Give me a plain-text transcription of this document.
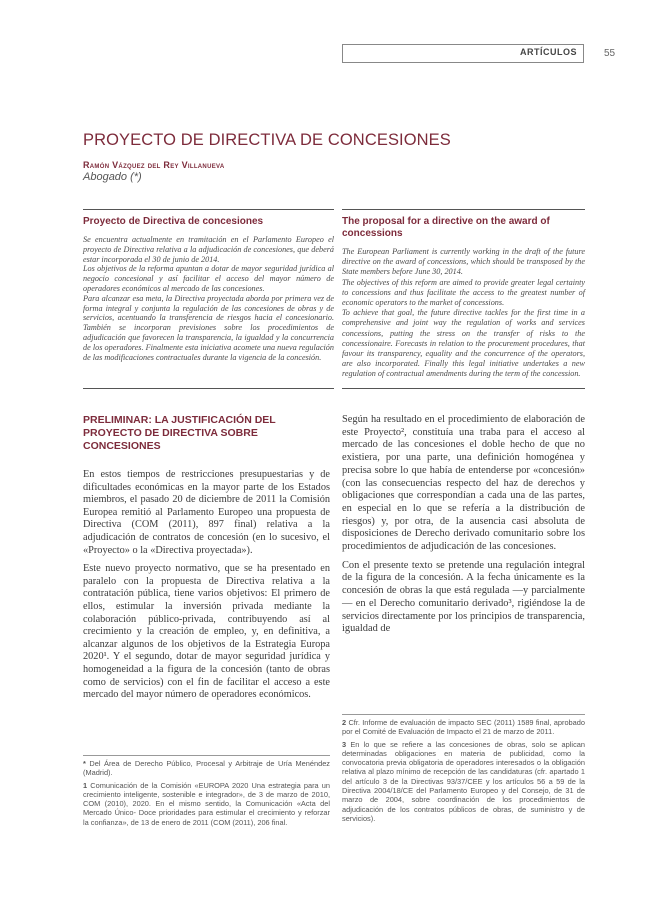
ARTÍCULOS	55
PROYECTO DE DIRECTIVA DE CONCESIONES
Ramón Vázquez del Rey Villanueva
Abogado (*)
Proyecto de Directiva de concesiones

Se encuentra actualmente en tramitación en el Parlamento Europeo el proyecto de Directiva relativa a la adjudicación de concesiones, que deberá estar incorporada el 30 de junio de 2014.

Los objetivos de la reforma apuntan a dotar de mayor seguridad jurídica al negocio concesional y así facilitar el acceso del mayor número de operadores económicos al mercado de las concesiones.

Para alcanzar esa meta, la Directiva proyectada aborda por primera vez de forma integral y conjunta la regulación de las concesiones de obras y de servicios, acentuando la transferencia de riesgos hacia el concesionario. También se incorporan previsiones sobre los procedimientos de adjudicación que favorecen la transparencia, la igualdad y la concurrencia de los operadores. Finalmente esta iniciativa acomete una nueva regulación de las modificaciones contractuales durante la vigencia de la concesión.

The proposal for a directive on the award of concessions

The European Parliament is currently working in the draft of the future directive on the award of concessions, which should be transposed by the State members before June 30, 2014.

The objectives of this reform are aimed to provide greater legal certainty to concessions and thus facilitate the access to the greatest number of economic operators to the market of concessions.

To achieve that goal, the future directive tackles for the first time in a comprehensive and joint way the regulation of works and services concessions, putting the stress on the transfer of risks to the concessionaire. Forecasts in relation to the procurement procedures, that favour its transparency, equality and the concurrence of the operators, are also incorporated. Finally this legal initiative undertakes a new regulation of contractual amendments during the term of the concession.

PRELIMINAR: LA JUSTIFICACIÓN DEL PROYECTO DE DIRECTIVA SOBRE CONCESIONES

En estos tiempos de restricciones presupuestarias y de dificultades económicas en la mayor parte de los Estados miembros, el pasado 20 de diciembre de 2011 la Comisión Europea remitió al Parlamento Europeo una propuesta de Directiva (COM (2011), 897 final) relativa a la adjudicación de contratos de concesión (en lo sucesivo, el «Proyecto» o la «Directiva proyectada»).

Este nuevo proyecto normativo, que se ha presentado en paralelo con la propuesta de Directiva relativa a la contratación pública, tiene varios objetivos: El primero de ellos, estimular la inversión privada mediante la colaboración público-privada, contribuyendo así al crecimiento y la creación de empleo, y, en definitiva, a alcanzar algunos de los objetivos de la Estrategia Europa 2020¹. Y el segundo, dotar de mayor seguridad jurídica y homogeneidad a la figura de la concesión (tanto de obras como de servicios) con el fin de facilitar el acceso a este mercado del mayor número de operadores económicos.

Según ha resultado en el procedimiento de elaboración de este Proyecto², constituía una traba para el acceso al mercado de las concesiones el doble hecho de que no existiera, por una parte, una definición homogénea y precisa sobre lo que había de entenderse por «concesión» (con las consecuencias respecto del haz de derechos y obligaciones que correspondían a cada una de las partes, en especial en lo que se refería a la distribución de riesgos) y, por otra, de la ausencia casi absoluta de disposiciones de Derecho derivado comunitario sobre los procedimientos de adjudicación de las concesiones.

Con el presente texto se pretende una regulación integral de la figura de la concesión. A la fecha únicamente es la concesión de obras la que está regulada —y parcialmente— en el Derecho comunitario derivado³, rigiéndose la de servicios directamente por los principios de transparencia, igualdad de

* Del Área de Derecho Público, Procesal y Arbitraje de Uría Menéndez (Madrid).

1 Comunicación de la Comisión «EUROPA 2020 Una estrategia para un crecimiento inteligente, sostenible e integrador», de 3 de marzo de 2010, COM (2010), 2020. En el mismo sentido, la Comunicación «Acta del Mercado Único- Doce prioridades para estimular el crecimiento y reforzar la confianza», de 13 de enero de 2011 (COM (2011), 206 final.

2 Cfr. Informe de evaluación de impacto SEC (2011) 1589 final, aprobado por el Comité de Evaluación de Impacto el 21 de marzo de 2011.

3 En lo que se refiere a las concesiones de obras, solo se aplican determinadas obligaciones en materia de publicidad, como la convocatoria previa obligatoria de operadores interesados o la obligación relativa al plazo mínimo de recepción de las candidaturas (cfr. apartado 1 del artículo 3 de la Directivas 93/37/CEE y los artículos 56 a 59 de la Directiva 2004/18/CE del Parlamento Europeo y del Consejo, de 31 de marzo de 2004, sobre coordinación de los procedimientos de adjudicación de los contratos públicos de obras, de suministro y de servicios).
